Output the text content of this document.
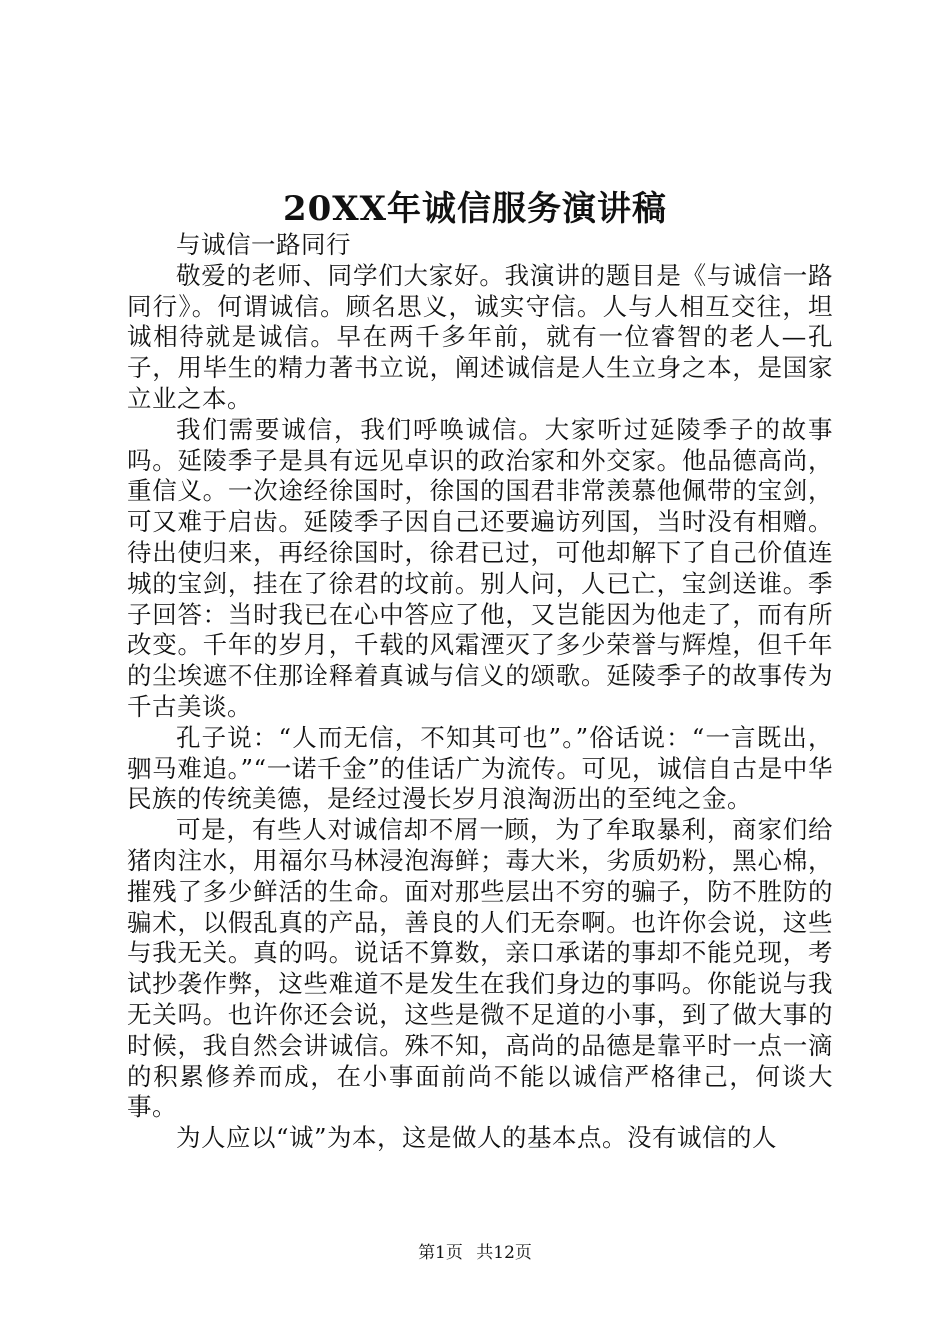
20XX年诚信服务演讲稿

与诚信一路同行

敬爱的老师、同学们大家好。我演讲的题目是《与诚信一路同行》。何谓诚信。顾名思义，诚实守信。人与人相互交往，坦诚相待就是诚信。早在两千多年前，就有一位睿智的老人—孔子，用毕生的精力著书立说，阐述诚信是人生立身之本，是国家立业之本。

我们需要诚信，我们呼唤诚信。大家听过延陵季子的故事吗。延陵季子是具有远见卓识的政治家和外交家。他品德高尚，重信义。一次途经徐国时，徐国的国君非常羡慕他佩带的宝剑，可又难于启齿。延陵季子因自己还要遍访列国，当时没有相赠。待出使归来，再经徐国时，徐君已过，可他却解下了自己价值连城的宝剑，挂在了徐君的坟前。别人问，人已亡，宝剑送谁。季子回答：当时我已在心中答应了他，又岂能因为他走了，而有所改变。千年的岁月，千载的风霜湮灭了多少荣誉与辉煌，但千年的尘埃遮不住那诠释着真诚与信义的颂歌。延陵季子的故事传为千古美谈。

孔子说：“人而无信，不知其可也”。”俗话说：“一言既出，驷马难追。”“一诺千金”的佳话广为流传。可见，诚信自古是中华民族的传统美德，是经过漫长岁月浪淘沥出的至纯之金。

可是，有些人对诚信却不屑一顾，为了牟取暴利，商家们给猪肉注水，用福尔马林浸泡海鲜；毒大米，劣质奶粉，黑心棉，摧残了多少鲜活的生命。面对那些层出不穷的骗子，防不胜防的骗术，以假乱真的产品，善良的人们无奈啊。也许你会说，这些与我无关。真的吗。说话不算数，亲口承诺的事却不能兑现，考试抄袭作弊，这些难道不是发生在我们身边的事吗。你能说与我无关吗。也许你还会说，这些是微不足道的小事，到了做大事的时候，我自然会讲诚信。殊不知，高尚的品德是靠平时一点一滴的积累修养而成，在小事面前尚不能以诚信严格律己，何谈大事。

为人应以“诚”为本，这是做人的基本点。没有诚信的人

第1页 共12页
